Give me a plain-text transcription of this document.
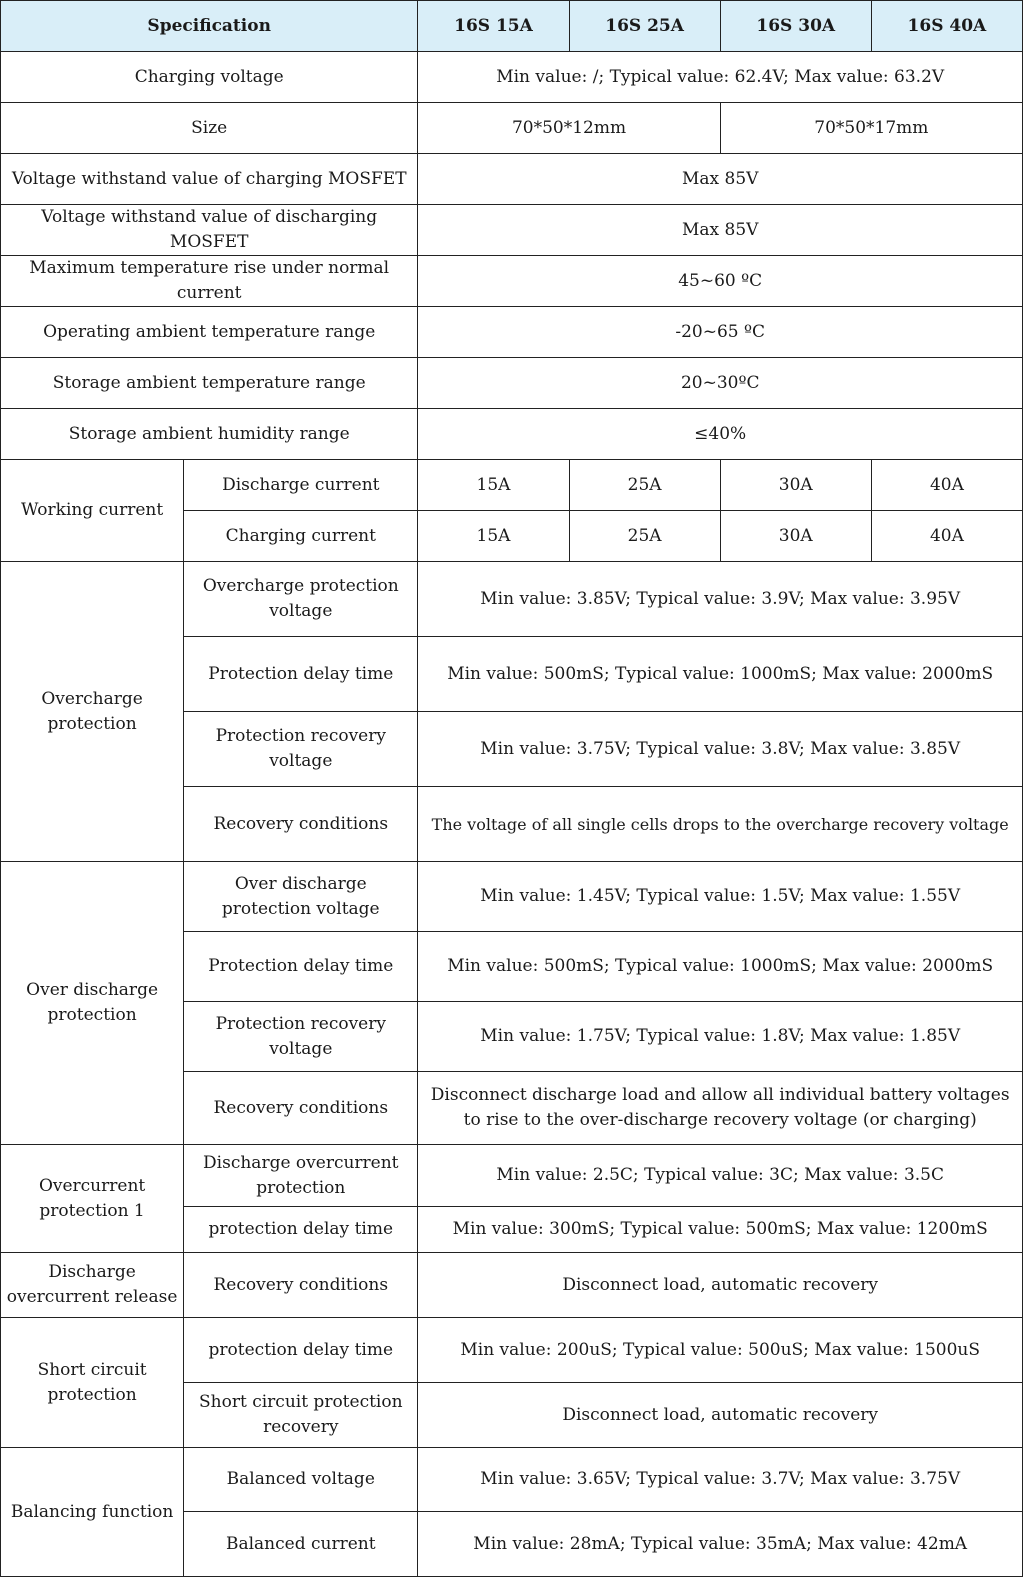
Specification		16S 15A	16S 25A	16S 30A	16S 40A
Charging voltage		Min value: /; Typical value: 62.4V; Max value: 63.2V			
Size		70*50*12mm		70*50*17mm	
Voltage withstand value of charging MOSFET		Max 85V			
Voltage withstand value of discharging MOSFET		Max 85V			
Maximum temperature rise under normal current		45~60 ºC			
Operating ambient temperature range		-20~65 ºC			
Storage ambient temperature range		20~30ºC			
Storage ambient humidity range		≤40%			
Working current	Discharge current	15A	25A	30A	40A
	Charging current	15A	25A	30A	40A
Overcharge protection	Overcharge protection voltage	Min value: 3.85V; Typical value: 3.9V; Max value: 3.95V			
	Protection delay time	Min value: 500mS; Typical value: 1000mS; Max value: 2000mS			
	Protection recovery voltage	Min value: 3.75V; Typical value: 3.8V; Max value: 3.85V			
	Recovery conditions	The voltage of all single cells drops to the overcharge recovery voltage			
Over discharge protection	Over discharge protection voltage	Min value: 1.45V; Typical value: 1.5V; Max value: 1.55V			
	Protection delay time	Min value: 500mS; Typical value: 1000mS; Max value: 2000mS			
	Protection recovery voltage	Min value: 1.75V; Typical value: 1.8V; Max value: 1.85V			
	Recovery conditions	Disconnect discharge load and allow all individual battery voltages to rise to the over-discharge recovery voltage (or charging)			
Overcurrent protection 1	Discharge overcurrent protection	Min value: 2.5C; Typical value: 3C; Max value: 3.5C			
	protection delay time	Min value: 300mS; Typical value: 500mS; Max value: 1200mS			
Discharge overcurrent release	Recovery conditions	Disconnect load, automatic recovery			
Short circuit protection	protection delay time	Min value: 200uS; Typical value: 500uS; Max value: 1500uS			
	Short circuit protection recovery	Disconnect load, automatic recovery			
Balancing function	Balanced voltage	Min value: 3.65V; Typical value: 3.7V; Max value: 3.75V			
	Balanced current	Min value: 28mA; Typical value: 35mA; Max value: 42mA			
